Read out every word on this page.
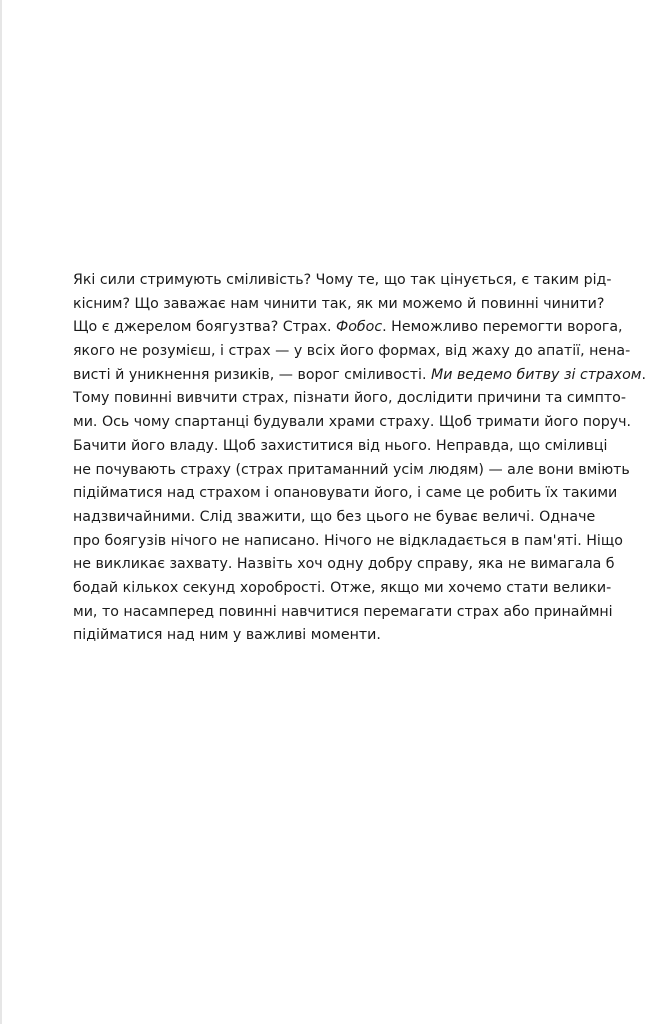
Які сили стримують сміливість? Чому те, що так цінується, є таким рід-
кісним? Що заважає нам чинити так, як ми можемо й повинні чинити?
Що є джерелом боягузтва? Страх. Фобос. Неможливо перемогти ворога,
якого не розумієш, і страх — у всіх його формах, від жаху до апатії, нена-
висті й уникнення ризиків, — ворог сміливості. Ми ведемо битву зі страхом.
Тому повинні вивчити страх, пізнати його, дослідити причини та симпто-
ми. Ось чому спартанці будували храми страху. Щоб тримати його поруч.
Бачити його владу. Щоб захиститися від нього. Неправда, що сміливці
не почувають страху (страх притаманний усім людям) — але вони вміють
підійматися над страхом і опановувати його, і саме це робить їх такими
надзвичайними. Слід зважити, що без цього не буває величі. Одначе
про боягузів нічого не написано. Нічого не відкладається в пам'яті. Ніщо
не викликає захвату. Назвіть хоч одну добру справу, яка не вимагала б
бодай кількох секунд хоробрості. Отже, якщо ми хочемо стати велики-
ми, то насамперед повинні навчитися перемагати страх або принаймні
підійматися над ним у важливі моменти.
